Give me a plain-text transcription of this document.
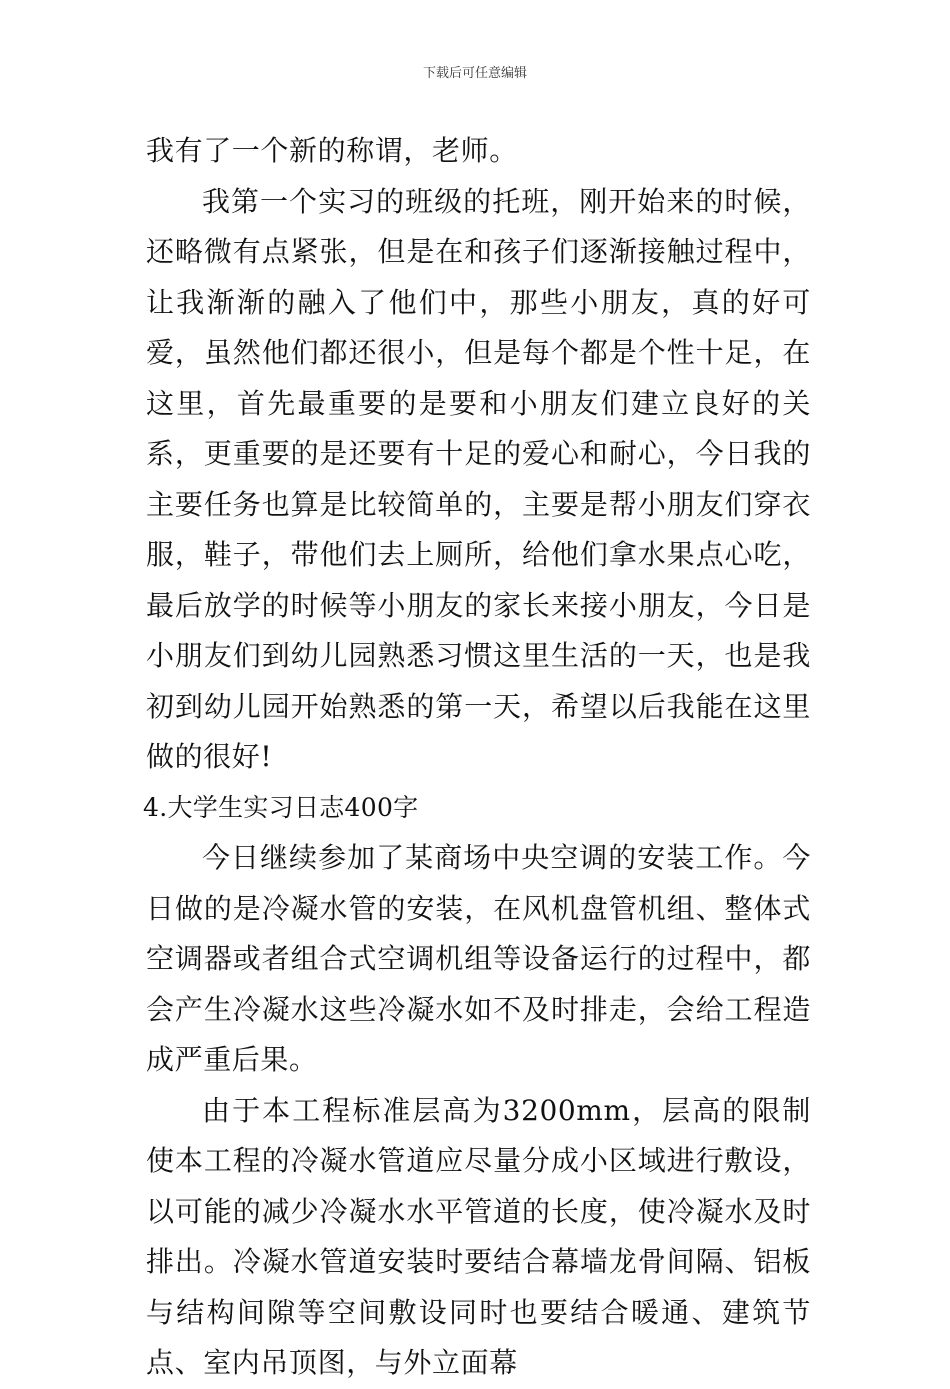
下载后可任意编辑

我有了一个新的称谓，老师。

我第一个实习的班级的托班，刚开始来的时候，还略微有点紧张，但是在和孩子们逐渐接触过程中，让我渐渐的融入了他们中，那些小朋友，真的好可爱，虽然他们都还很小，但是每个都是个性十足，在这里，首先最重要的是要和小朋友们建立良好的关系，更重要的是还要有十足的爱心和耐心，今日我的主要任务也算是比较简单的，主要是帮小朋友们穿衣服，鞋子，带他们去上厕所，给他们拿水果点心吃，最后放学的时候等小朋友的家长来接小朋友，今日是小朋友们到幼儿园熟悉习惯这里生活的一天，也是我初到幼儿园开始熟悉的第一天，希望以后我能在这里做的很好!

4.大学生实习日志400字

今日继续参加了某商场中央空调的安装工作。今日做的是冷凝水管的安装，在风机盘管机组、整体式空调器或者组合式空调机组等设备运行的过程中，都会产生冷凝水这些冷凝水如不及时排走，会给工程造成严重后果。

由于本工程标准层高为3200mm，层高的限制使本工程的冷凝水管道应尽量分成小区域进行敷设，以可能的减少冷凝水水平管道的长度，使冷凝水及时排出。冷凝水管道安装时要结合幕墙龙骨间隔、铝板与结构间隙等空间敷设同时也要结合暖通、建筑节点、室内吊顶图，与外立面幕
